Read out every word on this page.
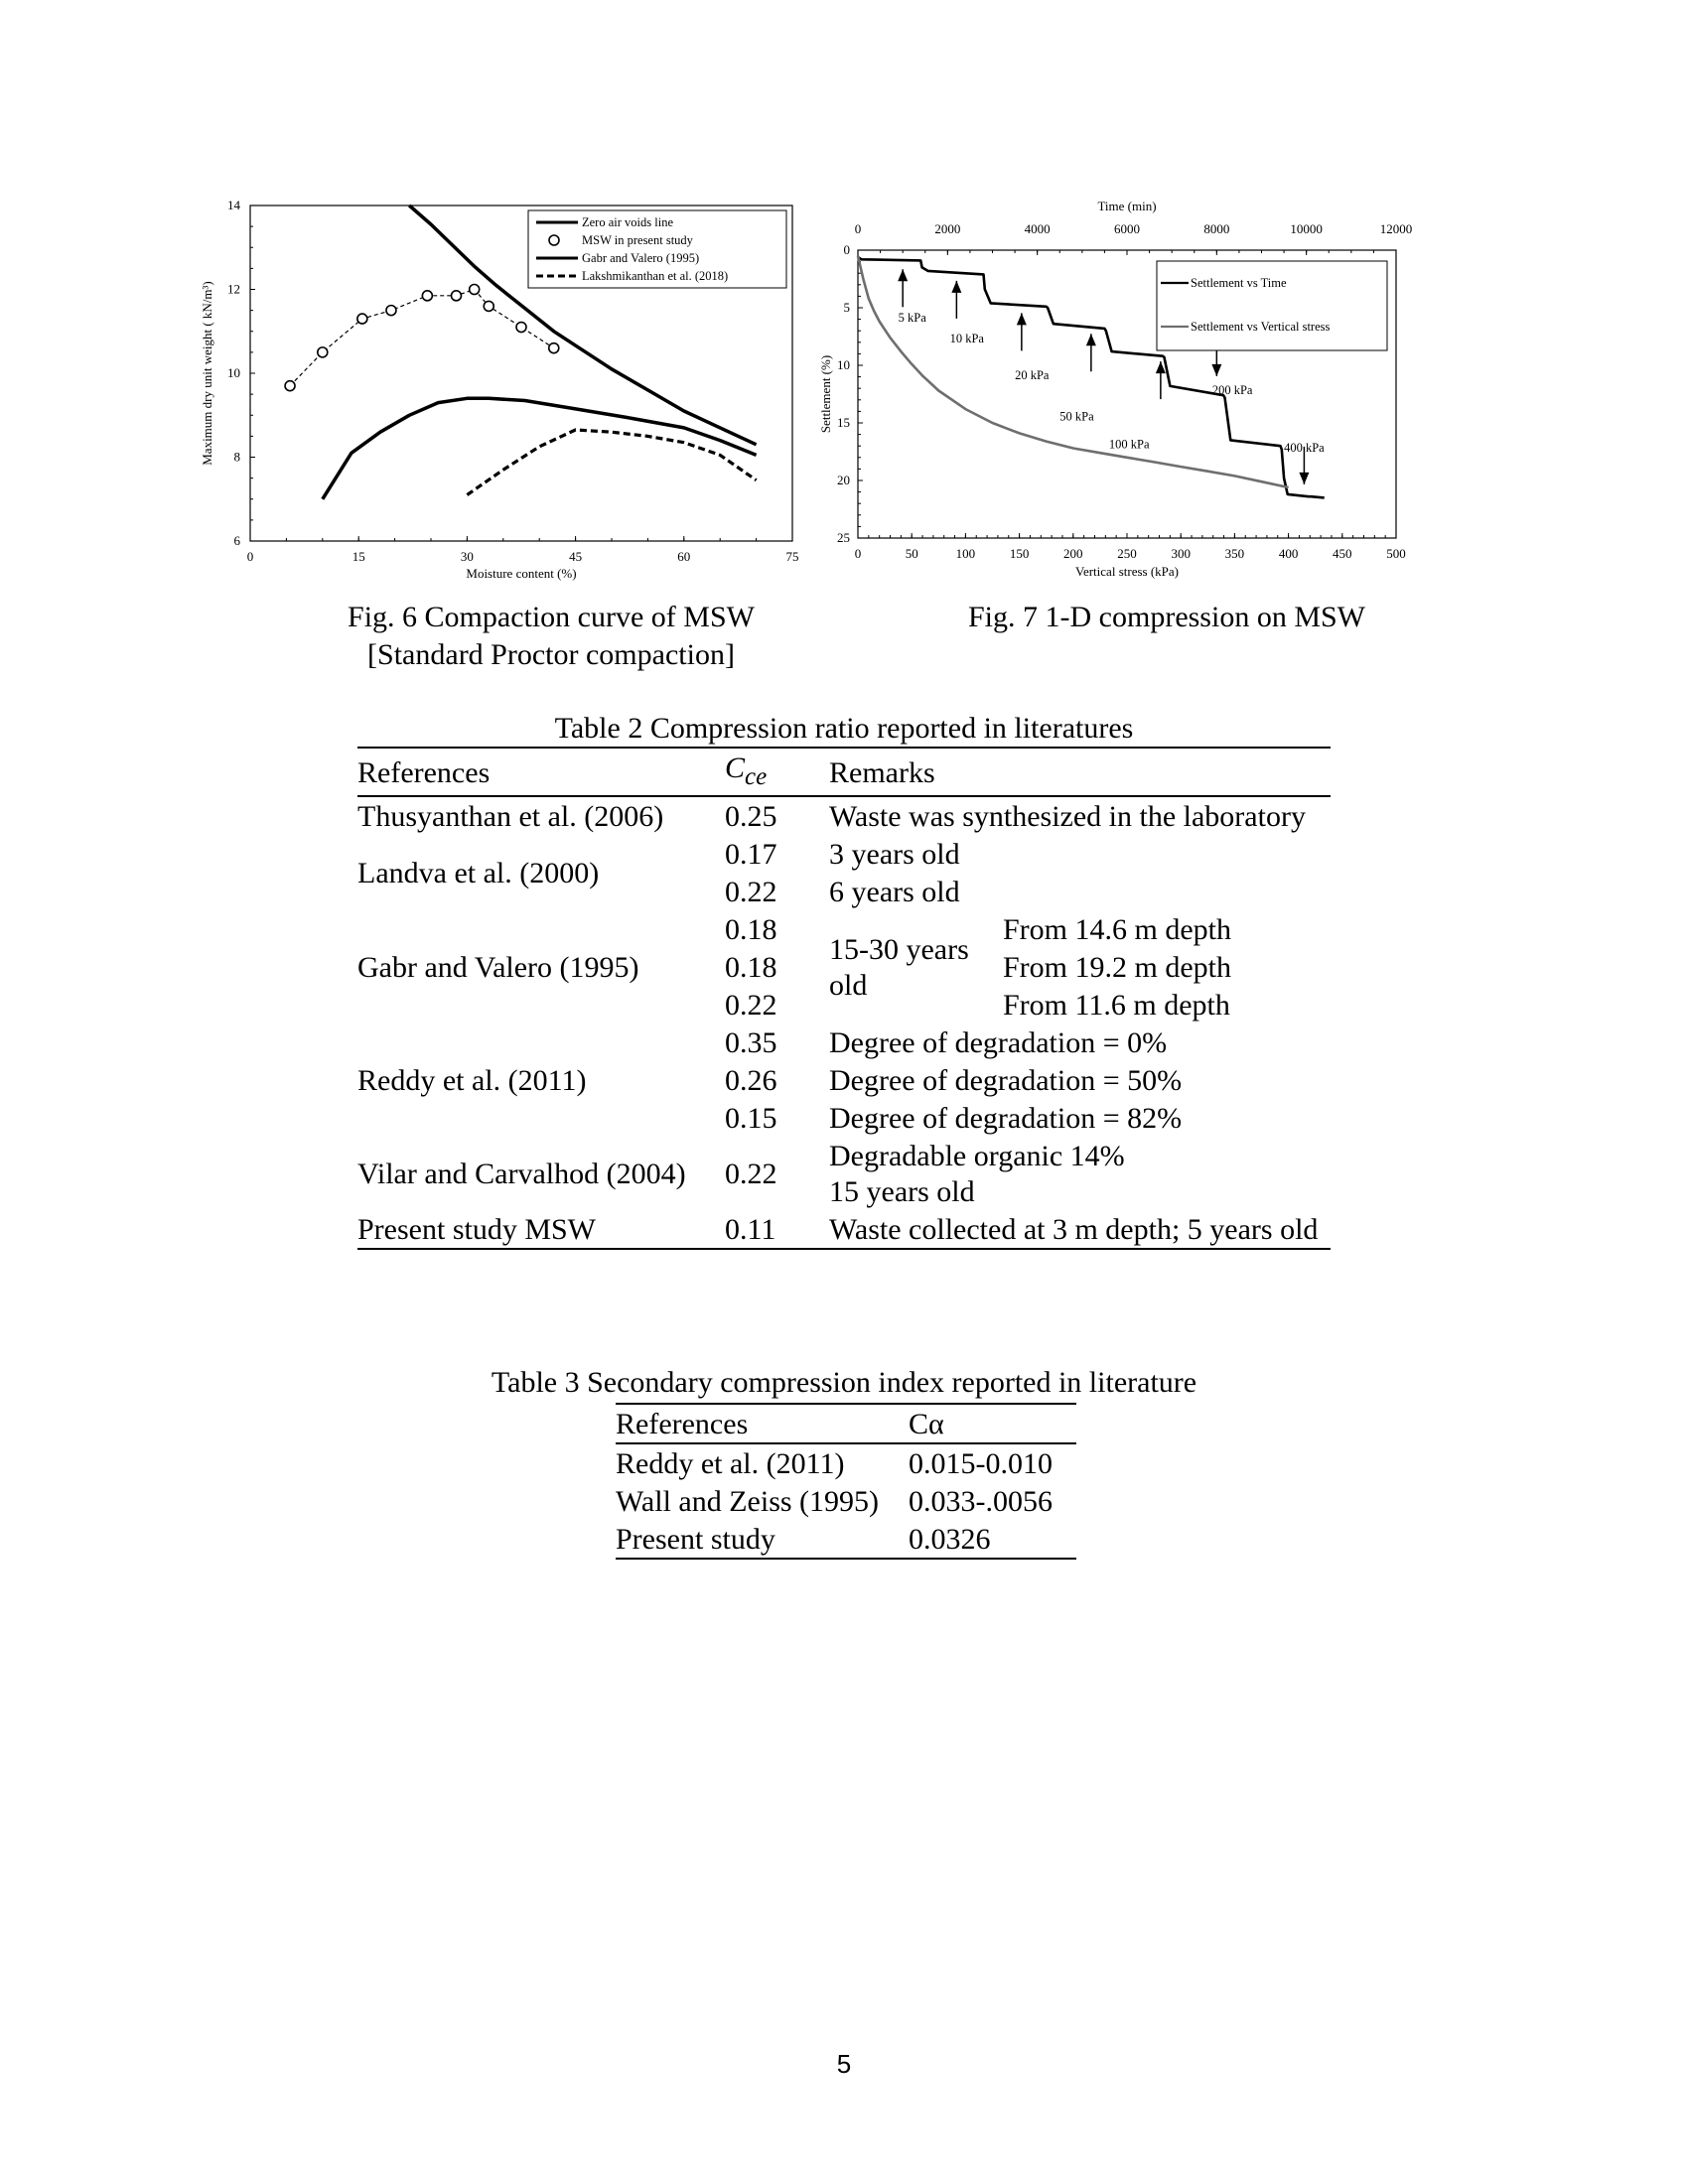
0	15	30	45	60	75
6
8
10
12
14
Moisture content (%)
Maximum dry unit weight ( kN/m³)
Zero air voids line
MSW in present study
Gabr and Valero (1995)
Lakshmikanthan et al. (2018)
Fig. 6 Compaction curve of MSW
[Standard Proctor compaction]
Time (min)
0	2000	4000	6000	8000	10000	12000
0	50	100	150	200	250	300	350	400	450	500
Vertical stress (kPa)
0
5
10
15
20
25
Settlement (%)
5 kPa
10 kPa
20 kPa
50 kPa
100 kPa
200 kPa
400 kPa
Settlement vs Time
Settlement vs Vertical stress
Fig. 7 1-D compression on MSW
Table 2 Compression ratio reported in literatures
References	$C_{ce}$	Remarks	
Thusyanthan et al. (2006)	0.25	Waste was synthesized in the laboratory	
Landva et al. (2000)	0.17	3 years old	
	0.22	6 years old	
Gabr and Valero (1995)	0.18	15-30 years old	From 14.6 m depth
	0.18		From 19.2 m depth
	0.22		From 11.6 m depth
Reddy et al. (2011)	0.35	Degree of degradation = 0%	
	0.26	Degree of degradation = 50%	
	0.15	Degree of degradation = 82%	
Vilar and Carvalhod (2004)	0.22	Degradable organic 14%
15 years old	

Present study MSW	0.11	Waste collected at 3 m depth; 5 years old	
Table 3 Secondary compression index reported in literature
References	Cα
Reddy et al. (2011)	0.015-0.010
Wall and Zeiss (1995)	0.033-.0056
Present study	0.0326
5
